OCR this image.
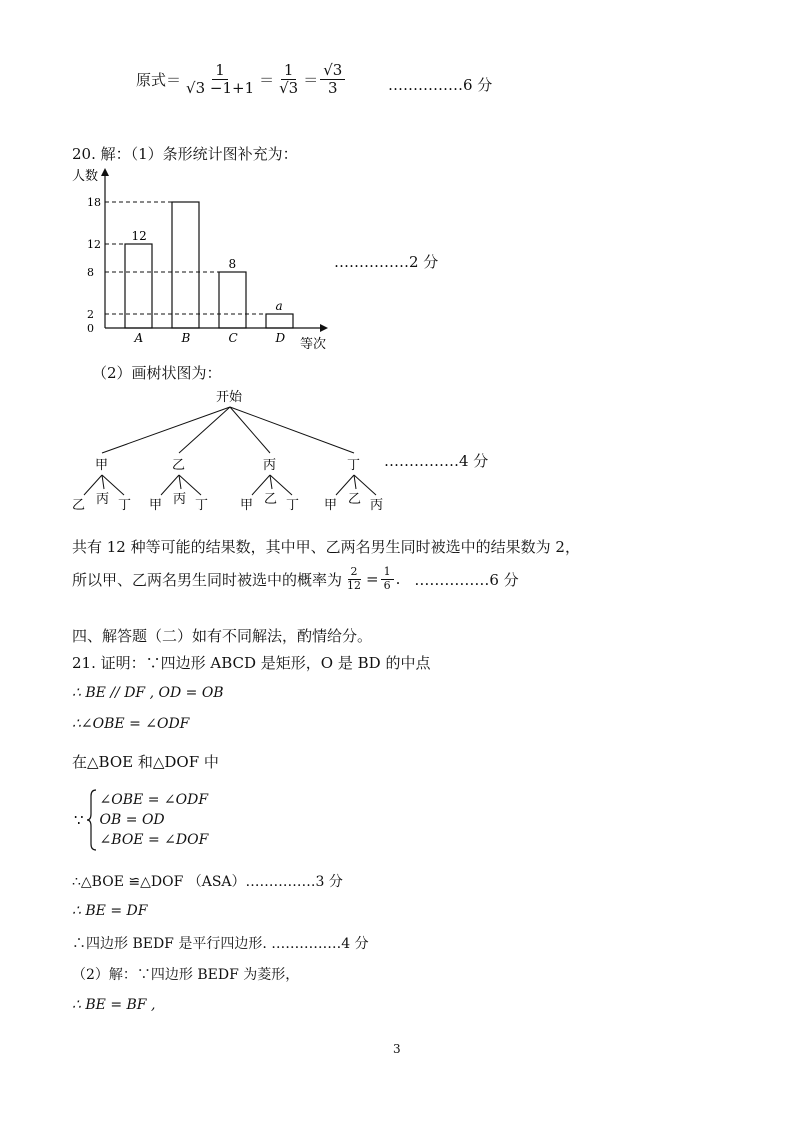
原式＝ $\frac{1}{√3 -1+1} = \frac{1}{√3} = \frac{√3}{3}$	……………6 分
20. 解：（1）条形统计图补充为：
人数
等次
0
2
8
12
18
A
12
B	C
8
D
a
……………2 分
（2）画树状图为：
开始
甲
乙 丙 丁
乙
甲 丙 丁
丙
甲 乙 丁
丁
甲 乙 丙
……………4 分
共有 12 种等可能的结果数，其中甲、乙两名男生同时被选中的结果数为 2，
所以甲、乙两名男生同时被选中的概率为 $\frac{2}{12} = \frac{1}{6}$ . ……………6 分
四、解答题（二）如有不同解法，酌情给分。
21. 证明：∵四边形 ABCD 是矩形，O 是 BD 的中点
∴ BE // DF , OD = OB
∴∠OBE = ∠ODF
在△BOE 和△DOF 中
∵
∠OBE = ∠ODF
OB = OD
∠BOE = ∠DOF
∴△BOE ≌△DOF （ASA）……………3 分
∴ BE = DF
∴四边形 BEDF 是平行四边形. ……………4 分
（2）解：∵四边形 BEDF 为菱形，
∴ BE = BF ,
3
